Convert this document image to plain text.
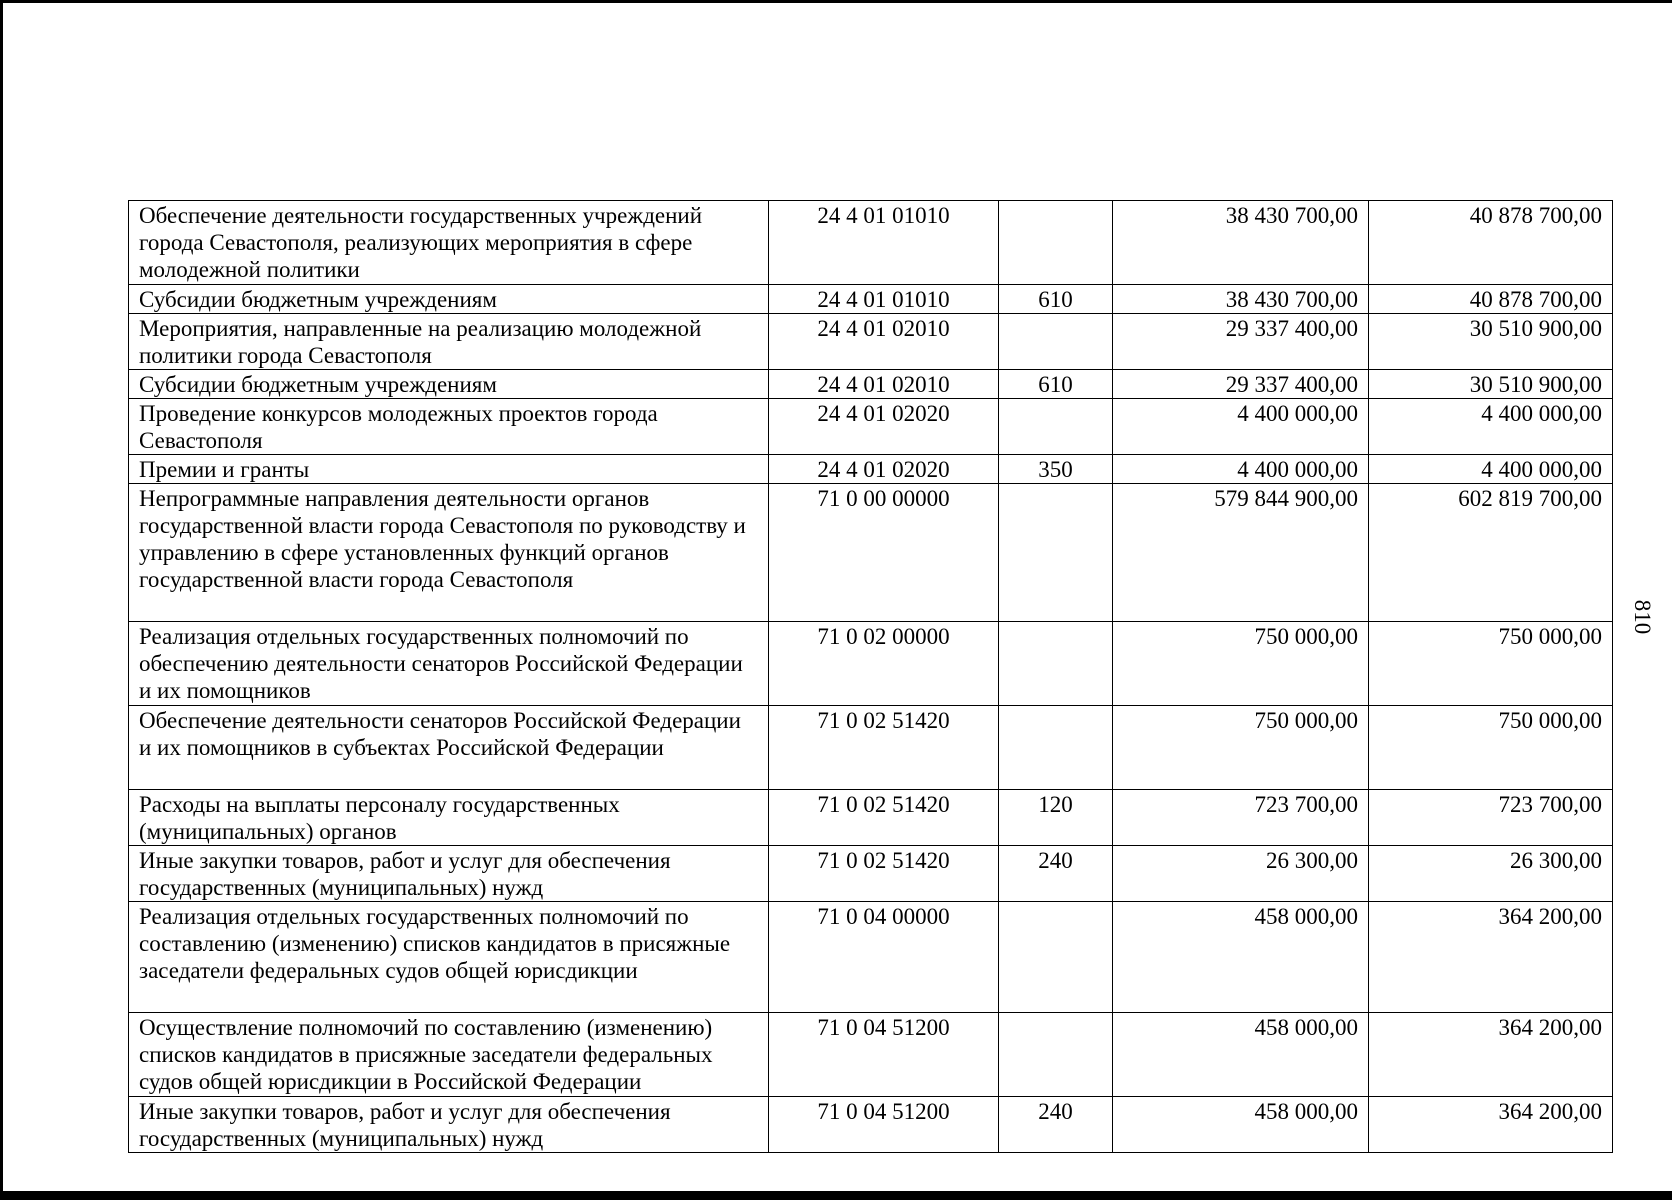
Обеспечение деятельности государственных учреждений города Севастополя, реализующих мероприятия в сфере молодежной политики	24 4 01 01010		38 430 700,00	40 878 700,00
Субсидии бюджетным учреждениям	24 4 01 01010	610	38 430 700,00	40 878 700,00
Мероприятия, направленные на реализацию молодежной политики города Севастополя	24 4 01 02010		29 337 400,00	30 510 900,00
Субсидии бюджетным учреждениям	24 4 01 02010	610	29 337 400,00	30 510 900,00
Проведение конкурсов молодежных проектов города Севастополя	24 4 01 02020		4 400 000,00	4 400 000,00
Премии и гранты	24 4 01 02020	350	4 400 000,00	4 400 000,00
Непрограммные направления деятельности органов государственной власти города Севастополя по руководству и управлению в сфере установленных функций органов государственной власти города Севастополя	71 0 00 00000		579 844 900,00	602 819 700,00
Реализация отдельных государственных полномочий по обеспечению деятельности сенаторов Российской Федерации и их помощников	71 0 02 00000		750 000,00	750 000,00
Обеспечение деятельности сенаторов Российской Федерации и их помощников в субъектах Российской Федерации	71 0 02 51420		750 000,00	750 000,00
Расходы на выплаты персоналу государственных (муниципальных) органов	71 0 02 51420	120	723 700,00	723 700,00
Иные закупки товаров, работ и услуг для обеспечения государственных (муниципальных) нужд	71 0 02 51420	240	26 300,00	26 300,00
Реализация отдельных государственных полномочий по составлению (изменению) списков кандидатов в присяжные заседатели федеральных судов общей юрисдикции	71 0 04 00000		458 000,00	364 200,00
Осуществление полномочий по составлению (изменению) списков кандидатов в присяжные заседатели федеральных судов общей юрисдикции в Российской Федерации	71 0 04 51200		458 000,00	364 200,00
Иные закупки товаров, работ и услуг для обеспечения государственных (муниципальных) нужд	71 0 04 51200	240	458 000,00	364 200,00
810
